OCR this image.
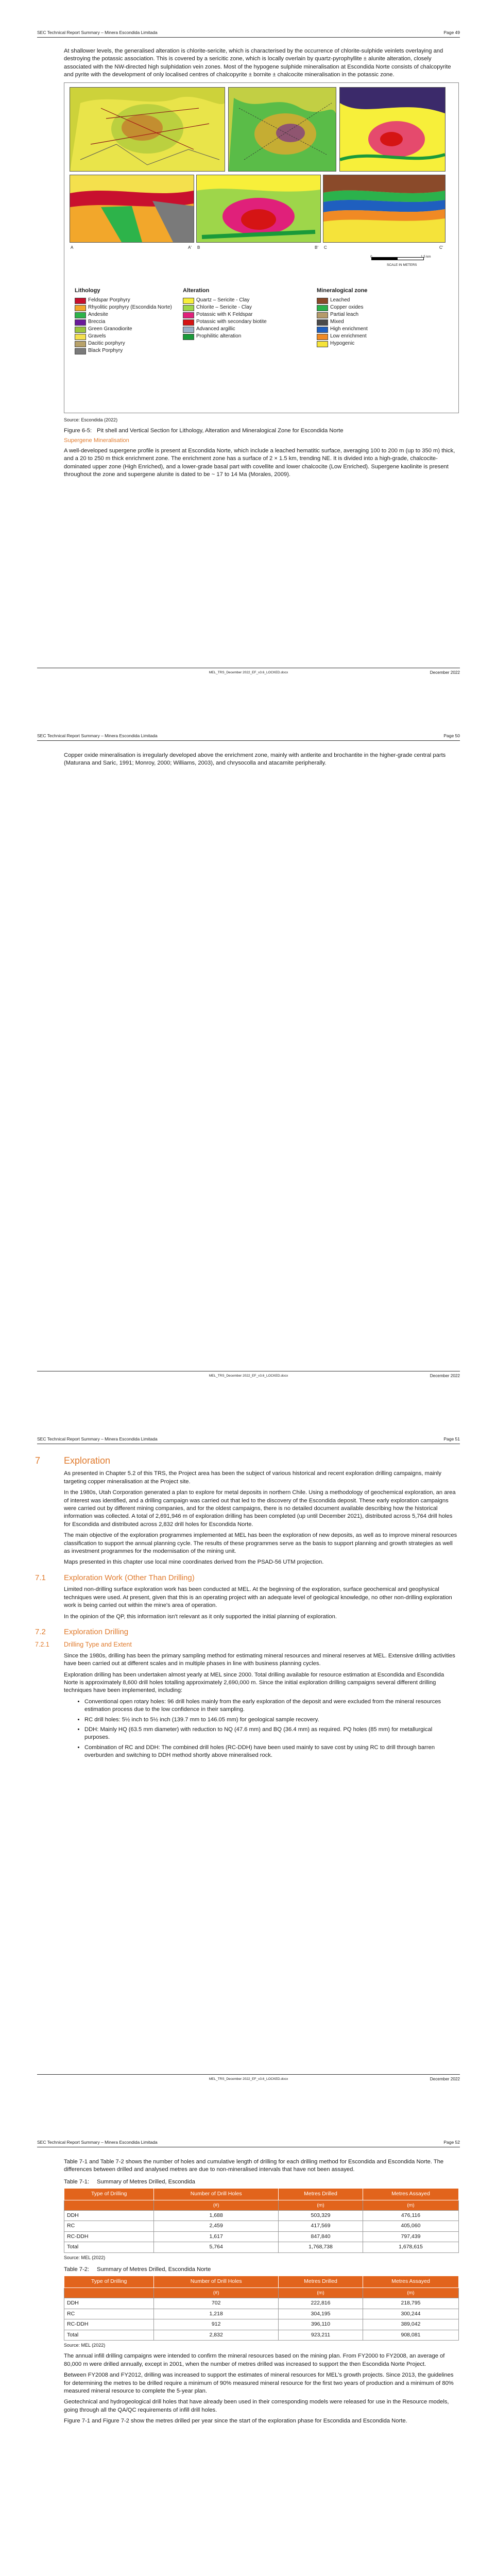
SEC Technical Report Summary – Minera Escondida Limitada	Page 49

At shallower levels, the generalised alteration is chlorite-sericite, which is characterised by the occurrence of chlorite-sulphide veinlets overlaying and destroying the potassic association. This is covered by a sericitic zone, which is locally overlain by quartz-pyrophyllite ± alunite alteration, closely associated with the NW-directed high sulphidation vein zones. Most of the hypogene sulphide mineralisation at Escondida Norte consists of chalcopyrite and pyrite with the development of only localised centres of chalcopyrite ± bornite ± chalcocite mineralisation in the potassic zone.

A	A' B	B' C	C'
0	1.5 km
SCALE IN METERS
Lithology
Feldspar Porphyry
Rhyolitic porphyry (Escondida Norte)
Andesite
Breccia
Green Granodiorite
Gravels
Dacitic porphyry
Black Porphyry
Alteration
Quartz – Sericite - Clay
Chlorite – Sericite - Clay
Potassic with K Feldspar
Potassic with secondary biotite
Advanced argillic
Prophilitic alteration
Mineralogical zone
Leached
Copper oxides
Partial leach
Mixed
High enrichment
Low enrichment
Hypogenic
Source: Escondida (2022)
Figure 6-5: Pit shell and Vertical Section for Lithology, Alteration and Mineralogical Zone for Escondida Norte
Supergene Mineralisation

A well-developed supergene profile is present at Escondida Norte, which include a leached hematitic surface, averaging 100 to 200 m (up to 350 m) thick, and a 20 to 250 m thick enrichment zone. The enrichment zone has a surface of 2 × 1.5 km, trending NE. It is divided into a high-grade, chalcocite-dominated upper zone (High Enriched), and a lower-grade basal part with covellite and lower chalcocite (Low Enriched). Supergene kaolinite is present throughout the zone and supergene alunite is dated to be ~ 17 to 14 Ma (Morales, 2009).

MEL_TRS_December 2022_EF_v3.6_LOCKED.docx	December 2022
SEC Technical Report Summary – Minera Escondida Limitada	Page 50

Copper oxide mineralisation is irregularly developed above the enrichment zone, mainly with antlerite and brochantite in the higher-grade central parts (Maturana and Saric, 1991; Monroy, 2000; Williams, 2003), and chrysocolla and atacamite peripherally.

MEL_TRS_December 2022_EF_v3.6_LOCKED.docx	December 2022
SEC Technical Report Summary – Minera Escondida Limitada	Page 51
7	Exploration

As presented in Chapter 5.2 of this TRS, the Project area has been the subject of various historical and recent exploration drilling campaigns, mainly targeting copper mineralisation at the Project site.

In the 1980s, Utah Corporation generated a plan to explore for metal deposits in northern Chile. Using a methodology of geochemical exploration, an area of interest was identified, and a drilling campaign was carried out that led to the discovery of the Escondida deposit. These early exploration campaigns were carried out by different mining companies, and for the oldest campaigns, there is no detailed document available describing how the historical information was collected. A total of 2,691,946 m of exploration drilling has been completed (up until December 2021), distributed across 5,764 drill holes for Escondida and distributed across 2,832 drill holes for Escondida Norte.

The main objective of the exploration programmes implemented at MEL has been the exploration of new deposits, as well as to improve mineral resources classification to support the annual planning cycle. The results of these programmes serve as the basis to support planning and growth strategies as well as investment programmes for the modernisation of the mining unit.

Maps presented in this chapter use local mine coordinates derived from the PSAD-56 UTM projection.

7.1 Exploration Work (Other Than Drilling)

Limited non-drilling surface exploration work has been conducted at MEL. At the beginning of the exploration, surface geochemical and geophysical techniques were used. At present, given that this is an operating project with an adequate level of geological knowledge, no other non-drilling exploration work is being carried out within the mine's area of operation.

In the opinion of the QP, this information isn't relevant as it only supported the initial planning of exploration.

7.2 Exploration Drilling
7.2.1 Drilling Type and Extent

Since the 1980s, drilling has been the primary sampling method for estimating mineral resources and mineral reserves at MEL. Extensive drilling activities have been carried out at different scales and in multiple phases in line with business planning cycles.

Exploration drilling has been undertaken almost yearly at MEL since 2000. Total drilling available for resource estimation at Escondida and Escondida Norte is approximately 8,600 drill holes totalling approximately 2,690,000 m. Since the initial exploration drilling campaigns several different drilling techniques have been implemented, including:

• Conventional open rotary holes: 96 drill holes mainly from the early exploration of the deposit and were excluded from the mineral resources estimation process due to the low confidence in their sampling.
• RC drill holes: 5½ inch to 5½ inch (139.7 mm to 146.05 mm) for geological sample recovery.
• DDH: Mainly HQ (63.5 mm diameter) with reduction to NQ (47.6 mm) and BQ (36.4 mm) as required. PQ holes (85 mm) for metallurgical purposes.
• Combination of RC and DDH: The combined drill holes (RC-DDH) have been used mainly to save cost by using RC to drill through barren overburden and switching to DDH method shortly above mineralised rock.
MEL_TRS_December 2022_EF_v3.6_LOCKED.docx	December 2022
SEC Technical Report Summary – Minera Escondida Limitada	Page 52

Table 7-1 and Table 7-2 shows the number of holes and cumulative length of drilling for each drilling method for Escondida and Escondida Norte. The differences between drilled and analysed metres are due to non-mineralised intervals that have not been assayed.

Table 7-1:	Summary of Metres Drilled, Escondida
Type of Drilling	Number of Drill Holes	Metres Drilled	Metres Assayed
	(#)	(m)	(m)
DDH	1,688	503,329	476,116
RC	2,459	417,569	405,060
RC-DDH	1,617	847,840	797,439
Total	5,764	1,768,738	1,678,615
Source: MEL (2022)
Table 7-2:	Summary of Metres Drilled, Escondida Norte
Type of Drilling	Number of Drill Holes	Metres Drilled	Metres Assayed
	(#)	(m)	(m)
DDH	702	222,816	218,795
RC	1,218	304,195	300,244
RC-DDH	912	396,110	389,042
Total	2,832	923,211	908,081
Source: MEL (2022)

The annual infill drilling campaigns were intended to confirm the mineral resources based on the mining plan. From FY2000 to FY2008, an average of 80,000 m were drilled annually, except in 2001, when the number of metres drilled was increased to support the then Escondida Norte Project.

Between FY2008 and FY2012, drilling was increased to support the estimates of mineral resources for MEL's growth projects. Since 2013, the guidelines for determining the metres to be drilled require a minimum of 90% measured mineral resource for the first two years of production and a minimum of 80% measured mineral resource to complete the 5-year plan.

Geotechnical and hydrogeological drill holes that have already been used in their corresponding models were released for use in the Resource models, going through all the QA/QC requirements of infill drill holes.

Figure 7-1 and Figure 7-2 show the metres drilled per year since the start of the exploration phase for Escondida and Escondida Norte.
